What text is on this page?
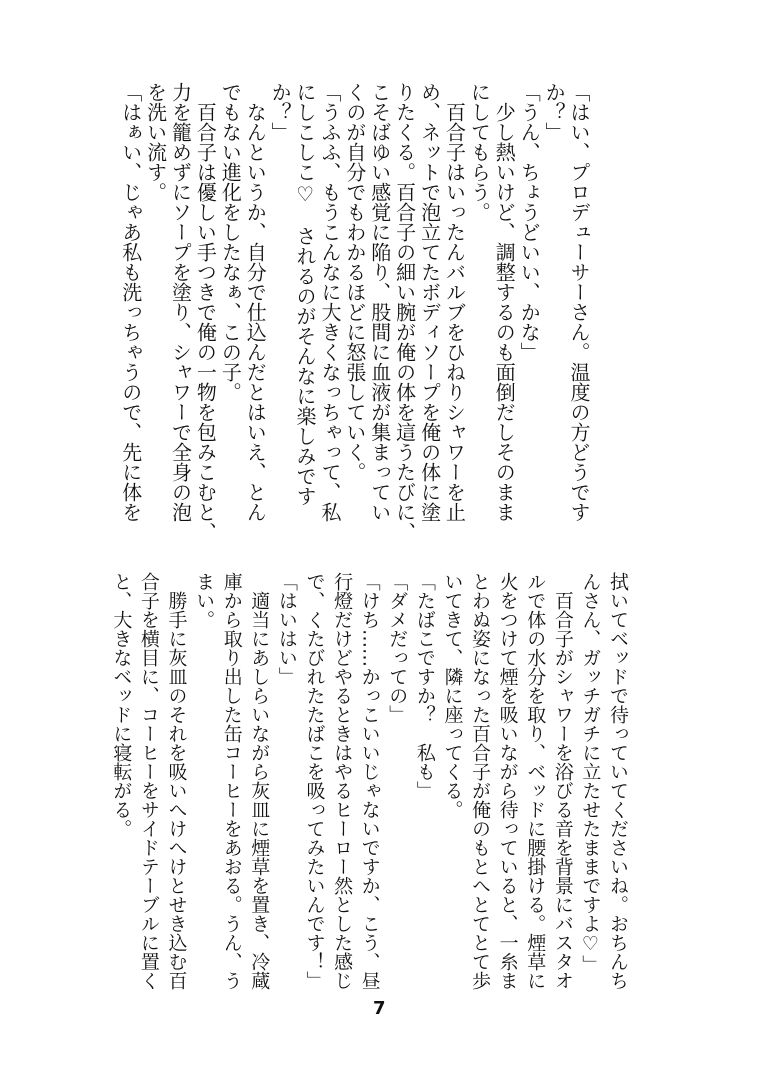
「はい、プロデューサーさん。温度の方どうです
か？」
「うん、ちょうどいい、かな」
　少し熱いけど、調整するのも面倒だしそのまま
にしてもらう。
　百合子はいったんバルブをひねりシャワーを止
め、ネットで泡立てたボディソープを俺の体に塗
りたくる。百合子の細い腕が俺の体を這うたびに、
こそばゆい感覚に陥り、股間に血液が集まってい
くのが自分でもわかるほどに怒張していく。
「うふふ、もうこんなに大きくなっちゃって、私
にしこしこ♡　されるのがそんなに楽しみです
か？」
　なんというか、自分で仕込んだとはいえ、とん
でもない進化をしたなぁ、この子。
　百合子は優しい手つきで俺の一物を包みこむと、
力を籠めずにソープを塗り、シャワーで全身の泡
を洗い流す。
「はぁい、じゃあ私も洗っちゃうので、先に体を
拭いてベッドで待っていてくださいね。おちんち
んさん、ガッチガチに立たせたままですよ♡」
　百合子がシャワーを浴びる音を背景にバスタオ
ルで体の水分を取り、ベッドに腰掛ける。煙草に
火をつけて煙を吸いながら待っていると、一糸ま
とわぬ姿になった百合子が俺のもとへとてとて歩
いてきて、隣に座ってくる。
「たばこですか？　私も」
「ダメだっての」
「けち……かっこいいじゃないですか、こう、昼
行燈だけどやるときはやるヒーロー然とした感じ
で、くたびれたたばこを吸ってみたいんです！」
「はいはい」
　適当にあしらいながら灰皿に煙草を置き、冷蔵
庫から取り出した缶コーヒーをあおる。うん、う
まい。
　勝手に灰皿のそれを吸いへけへけとせき込む百
合子を横目に、コーヒーをサイドテーブルに置く
と、大きなベッドに寝転がる。
7
